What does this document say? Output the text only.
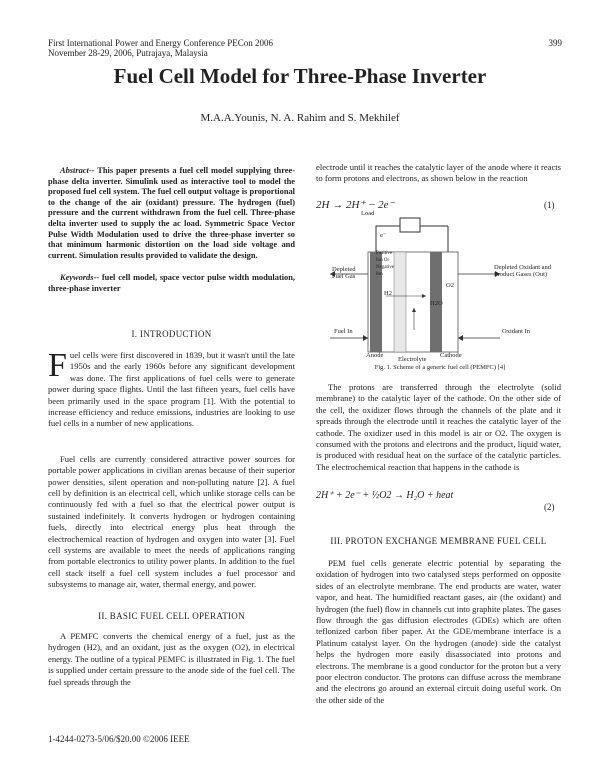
First International Power and Energy Conference PECon 2006
November 28-29, 2006, Putrajaya, Malaysia
399
Fuel Cell Model for Three-Phase Inverter
M.A.A.Younis, N. A. Rahim and S. Mekhilef

Abstract-- This paper presents a fuel cell model supplying three-phase delta inverter. Simulink used as interactive tool to model the proposed fuel cell system. The fuel cell output voltage is proportional to the change of the air (oxidant) pressure. The hydrogen (fuel) pressure and the current withdrawn from the fuel cell. Three-phase delta inverter used to supply the ac load. Symmetric Space Vector Pulse Width Modulation used to drive the three-phase inverter so that minimum harmonic distortion on the load side voltage and current. Simulation results provided to validate the design.

Keywords-- fuel cell model, space vector pulse width modulation, three-phase inverter

I. INTRODUCTION

Fuel cells were first discovered in 1839, but it wasn't until the late 1950s and the early 1960s before any significant development was done. The first applications of fuel cells were to generate power during space flights. Until the last fifteen years, fuel cells have been primarily used in the space program [1]. With the potential to increase efficiency and reduce emissions, industries are looking to use fuel cells in a number of new applications.

Fuel cells are currently considered attractive power sources for portable power applications in civilian arenas because of their superior power densities, silent operation and non-polluting nature [2]. A fuel cell by definition is an electrical cell, which unlike storage cells can be continuously fed with a fuel so that the electrical power output is sustained indefinitely. It converts hydrogen or hydrogen containing fuels, directly into electrical energy plus heat through the electrochemical reaction of hydrogen and oxygen into water [3]. Fuel cell systems are available to meet the needs of applications ranging from portable electronics to utility power plants. In addition to the fuel cell stack itself a fuel cell system includes a fuel processor and subsystems to manage air, water, thermal energy, and power.

II. BASIC FUEL CELL OPERATION

A PEMFC converts the chemical energy of a fuel, just as the hydrogen (H2), and an oxidant, just as the oxygen (O2), in electrical energy. The outline of a typical PEMFC is illustrated in Fig. 1. The fuel is supplied under certain pressure to the anode side of the fuel cell. The fuel spreads through the

electrode until it reaches the catalytic layer of the anode where it reacts to form protons and electrons, as shown below in the reaction

2H → 2H⁺ − 2e⁻	(1)
Load
e⁻
Depleted Fuel Gas
Positive Ion Or Negative Ion
Depleted Oxidant and Product Gases (Out)
Fuel In	Oxidant In
H2
H2O
O2
Anode
Electrolyte
Cathode
Fig. 1. Scheme of a generic fuel cell (PEMFC) [4]

The protons are transferred through the electrolyte (solid membrane) to the catalytic layer of the cathode. On the other side of the cell, the oxidizer flows through the channels of the plate and it spreads through the electrode until it reaches the catalytic layer of the cathode. The oxidizer used in this model is air or O2. The oxygen is consumed with the protons and electrons and the product, liquid water, is produced with residual heat on the surface of the catalytic particles. The electrochemical reaction that happens in the cathode is

2H⁺ + 2e⁻ + ½O2 → H₂O + heat
(2)
III. PROTON EXCHANGE MEMBRANE FUEL CELL

PEM fuel cells generate electric potential by separating the oxidation of hydrogen into two catalysed steps performed on opposite sides of an electrolyte membrane. The end products are water, water vapor, and heat. The humidified reactant gases, air (the oxidant) and hydrogen (the fuel) flow in channels cut into graphite plates. The gases flow through the gas diffusion electrodes (GDEs) which are often teflonized carbon fiber paper. At the GDE/membrane interface is a Platinum catalyst layer. On the hydrogen (anode) side the catalyst helps the hydrogen more easily disassociated into protons and electrons. The membrane is a good conductor for the proton but a very poor electron conductor. The protons can diffuse across the membrane and the electrons go around an external circuit doing useful work. On the other side of the

1-4244-0273-5/06/$20.00 ©2006 IEEE
